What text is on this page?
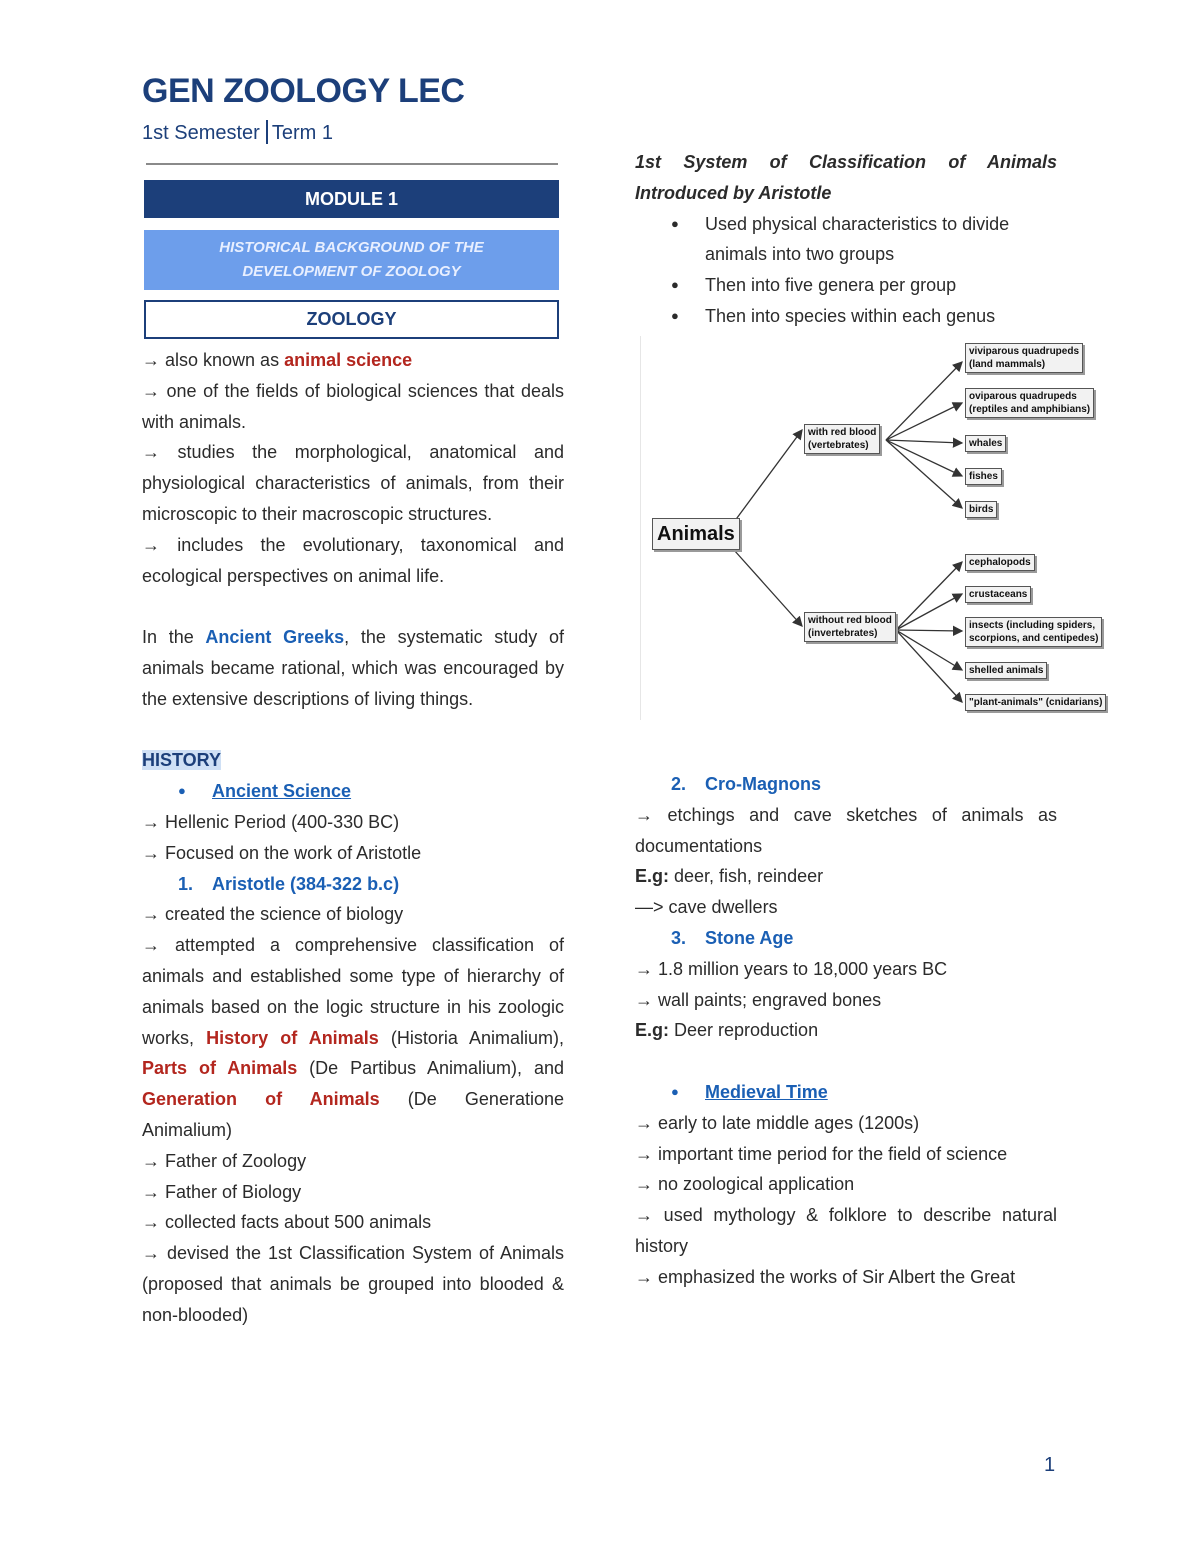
GEN ZOOLOGY LEC
1st Semester Term 1
MODULE 1
HISTORICAL BACKGROUND OF THE DEVELOPMENT OF ZOOLOGY
ZOOLOGY

→ also known as animal science

→ one of the fields of biological sciences that deals with animals.

→ studies the morphological, anatomical and physiological characteristics of animals, from their microscopic to their macroscopic structures.

→ includes the evolutionary, taxonomical and ecological perspectives on animal life.

In the Ancient Greeks, the systematic study of animals became rational, which was encouraged by the extensive descriptions of living things.

HISTORY

● Ancient Science

→ Hellenic Period (400-330 BC)

→ Focused on the work of Aristotle

1. Aristotle (384-322 b.c)

→ created the science of biology

→ attempted a comprehensive classification of animals and established some type of hierarchy of animals based on the logic structure in his zoologic works, History of Animals (Historia Animalium), Parts of Animals (De Partibus Animalium), and Generation of Animals (De Generatione Animalium)

→ Father of Zoology

→ Father of Biology

→ collected facts about 500 animals

→ devised the 1st Classification System of Animals (proposed that animals be grouped into blooded & non-blooded)

1st System of Classification of Animals Introduced by Aristotle

● Used physical characteristics to divide animals into two groups

● Then into five genera per group

● Then into species within each genus

Animals
with red blood
(vertebrates)
without red blood
(invertebrates)
viviparous quadrupeds
(land mammals)
oviparous quadrupeds
(reptiles and amphibians)
whales
fishes
birds
cephalopods
crustaceans
insects (including spiders,
scorpions, and centipedes)
shelled animals
"plant-animals" (cnidarians)

2. Cro-Magnons

→ etchings and cave sketches of animals as documentations

E.g: deer, fish, reindeer

—> cave dwellers

3. Stone Age

→ 1.8 million years to 18,000 years BC

→ wall paints; engraved bones

E.g: Deer reproduction

● Medieval Time

→ early to late middle ages (1200s)

→ important time period for the field of science

→ no zoological application

→ used mythology & folklore to describe natural history

→ emphasized the works of Sir Albert the Great

1
